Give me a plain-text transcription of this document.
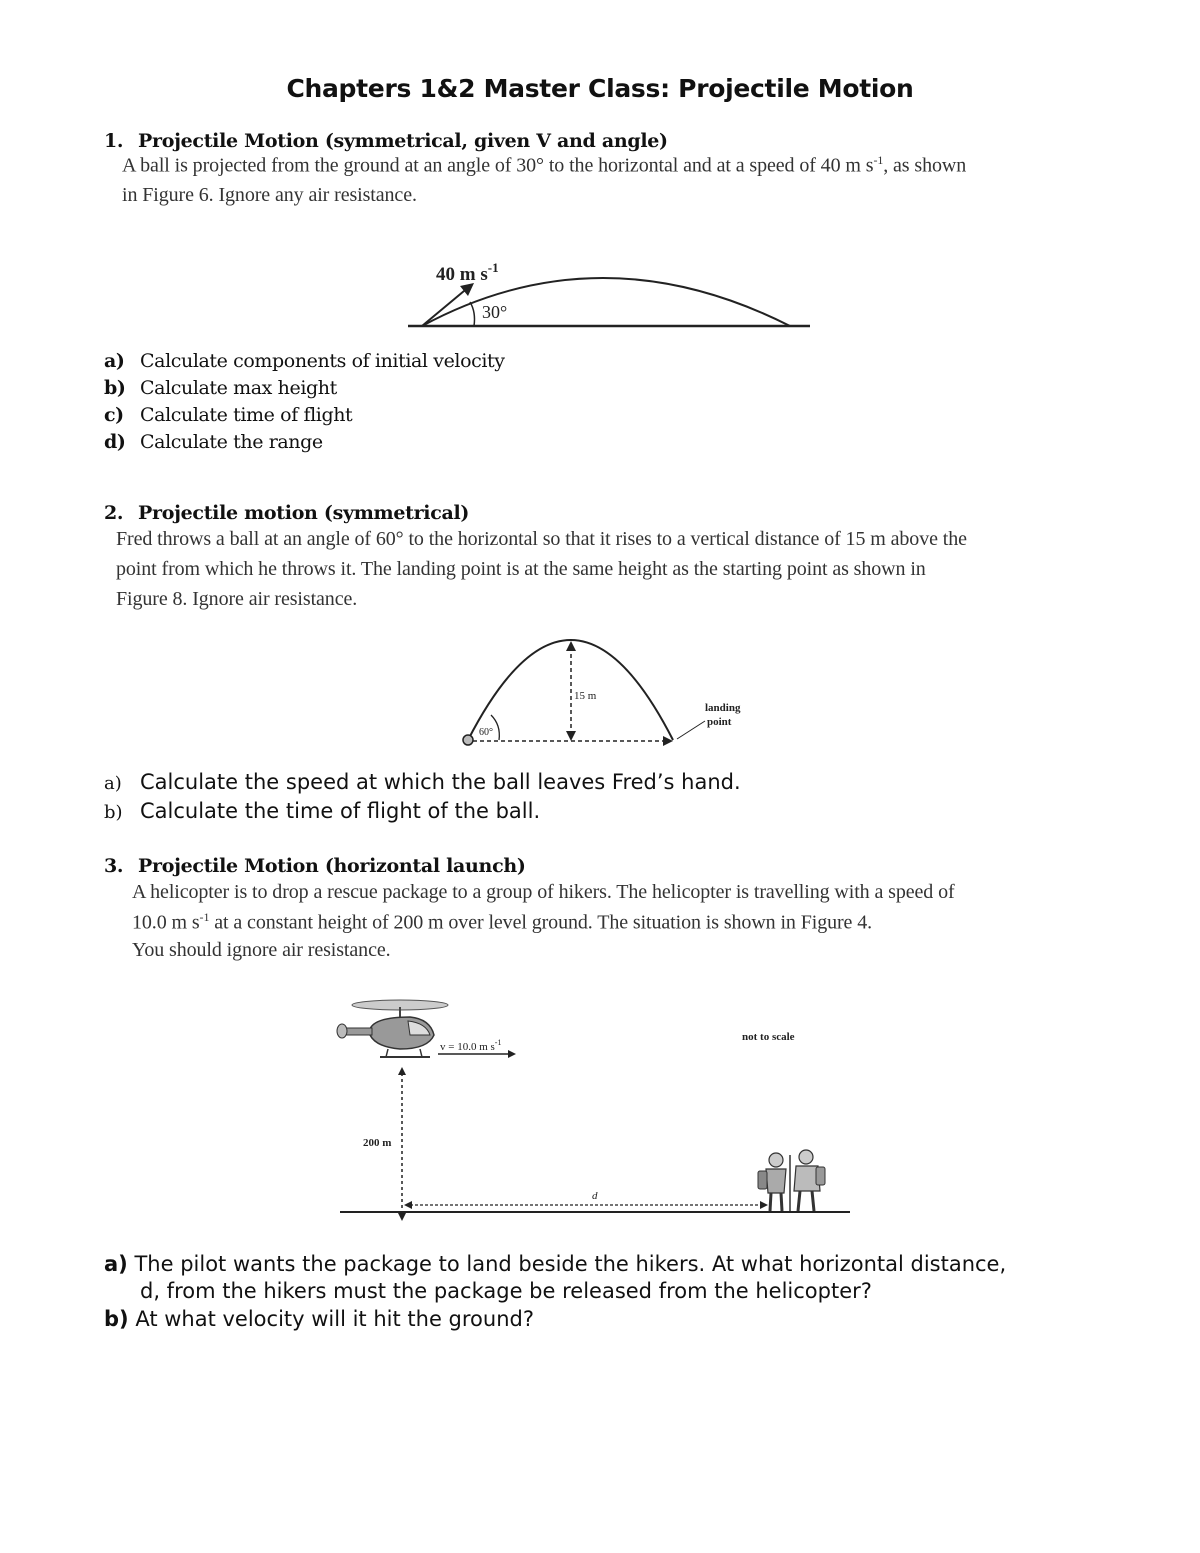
Chapters 1&2 Master Class: Projectile Motion
1. Projectile Motion (symmetrical, given V and angle)
A ball is projected from the ground at an angle of 30° to the horizontal and at a speed of 40 m $s^{-1}$, as shown
in Figure 6. Ignore any air resistance.
40 m $s^{-1}$
30°
a) Calculate components of initial velocity
b) Calculate max height
c) Calculate time of flight
d) Calculate the range
2. Projectile motion (symmetrical)
Fred throws a ball at an angle of 60° to the horizontal so that it rises to a vertical distance of 15 m above the
point from which he throws it. The landing point is at the same height as the starting point as shown in
Figure 8. Ignore air resistance.
60°
15 m
landing
point
a) Calculate the speed at which the ball leaves Fred’s hand.
b) Calculate the time of flight of the ball.
3. Projectile Motion (horizontal launch)
A helicopter is to drop a rescue package to a group of hikers. The helicopter is travelling with a speed of
10.0 m $s^{-1}$ at a constant height of 200 m over level ground. The situation is shown in Figure 4.
You should ignore air resistance.
v = 10.0 m $s^{-1}$	not to scale
200 m
d
a) The pilot wants the package to land beside the hikers. At what horizontal distance,
d, from the hikers must the package be released from the helicopter?
b) At what velocity will it hit the ground?
